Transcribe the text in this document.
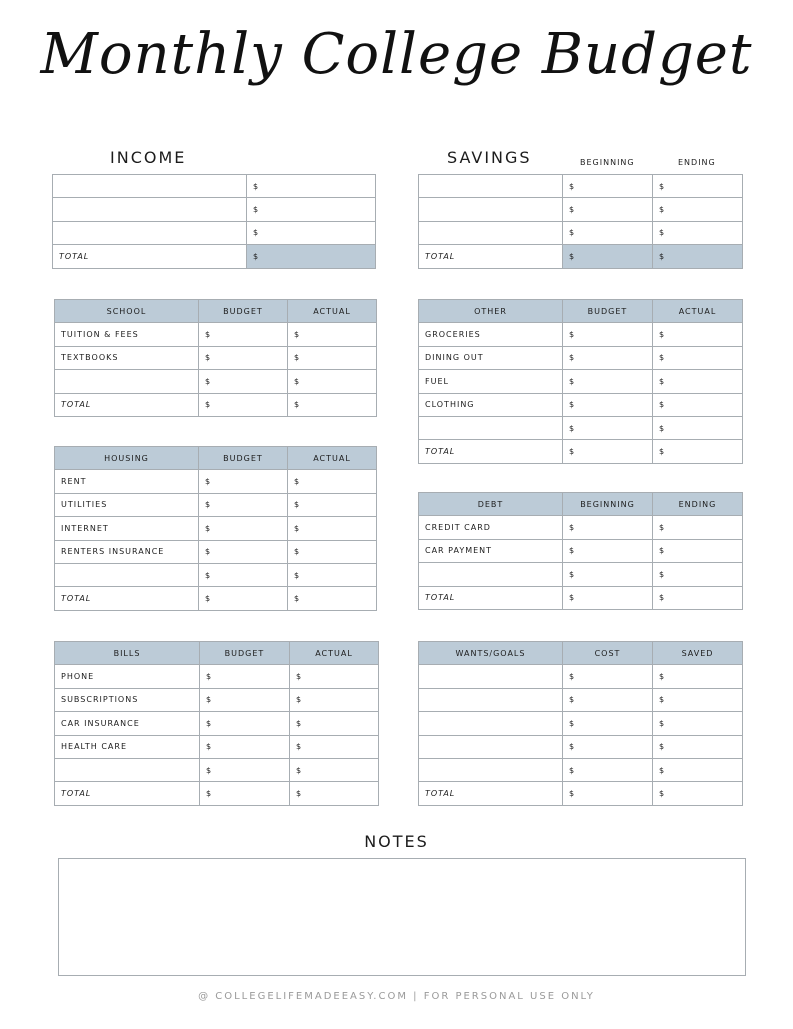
Monthly College Budget
INCOME	SAVINGS	BEGINNING	ENDING
	$
	$
	$
TOTAL	$
	$	$
	$	$
	$	$
TOTAL	$	$
SCHOOL	BUDGET	ACTUAL
TUITION & FEES	$	$
TEXTBOOKS	$	$
	$	$
TOTAL	$	$
HOUSING	BUDGET	ACTUAL
RENT	$	$
UTILITIES	$	$
INTERNET	$	$
RENTERS INSURANCE	$	$
	$	$
TOTAL	$	$
BILLS	BUDGET	ACTUAL
PHONE	$	$
SUBSCRIPTIONS	$	$
CAR INSURANCE	$	$
HEALTH CARE	$	$
	$	$
TOTAL	$	$
OTHER	BUDGET	ACTUAL
GROCERIES	$	$
DINING OUT	$	$
FUEL	$	$
CLOTHING	$	$
	$	$
TOTAL	$	$
DEBT	BEGINNING	ENDING
CREDIT CARD	$	$
CAR PAYMENT	$	$
	$	$
TOTAL	$	$
WANTS/GOALS	COST	SAVED
	$	$
	$	$
	$	$
	$	$
	$	$
TOTAL	$	$
NOTES
@ COLLEGELIFEMADEEASY.COM | FOR PERSONAL USE ONLY
